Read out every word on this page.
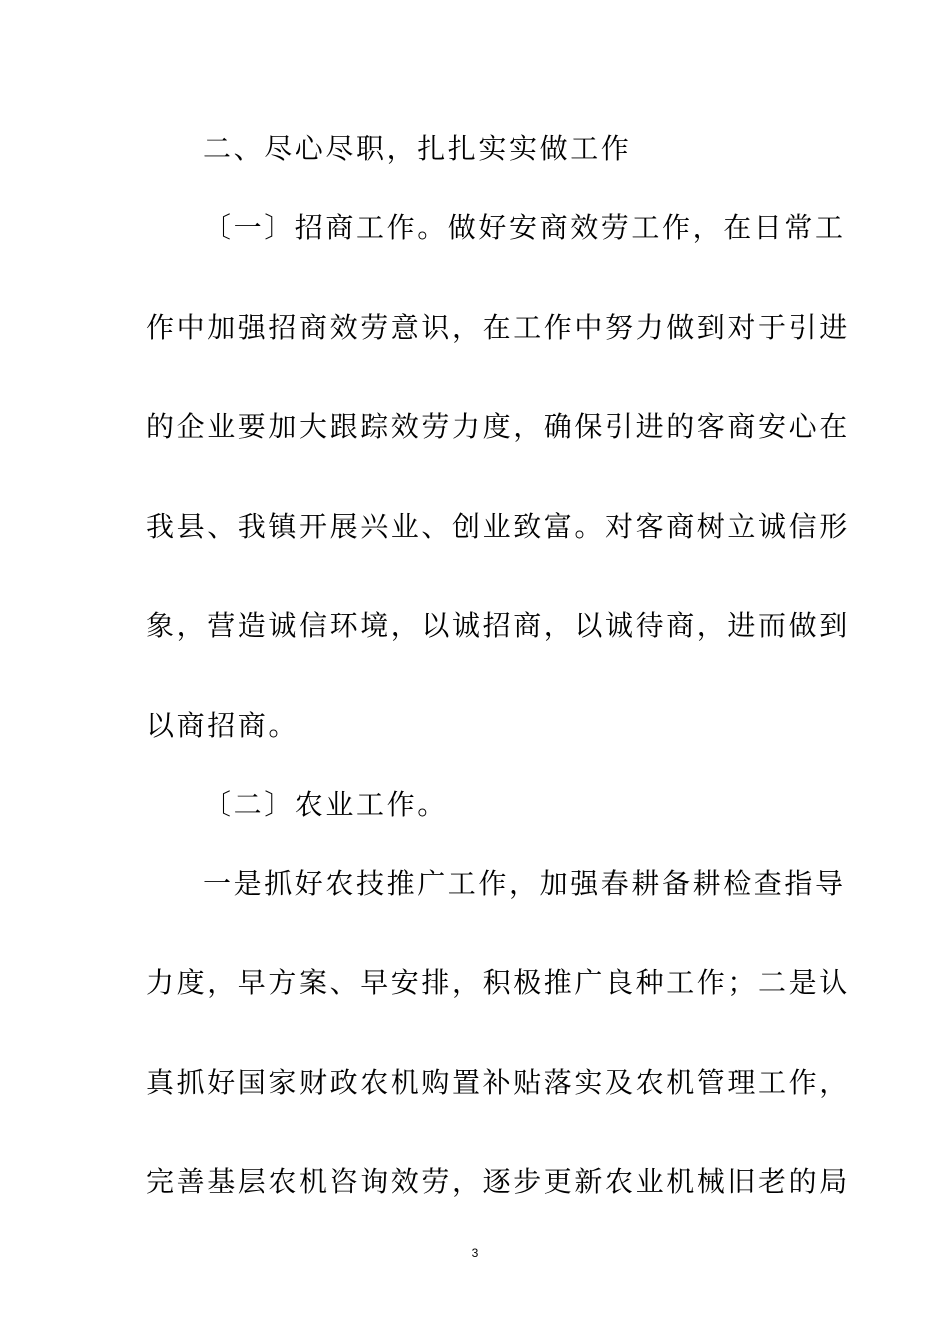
二、尽心尽职，扎扎实实做工作
〔一〕招商工作。做好安商效劳工作，在日常工
作中加强招商效劳意识，在工作中努力做到对于引进
的企业要加大跟踪效劳力度，确保引进的客商安心在
我县、我镇开展兴业、创业致富。对客商树立诚信形
象，营造诚信环境，以诚招商，以诚待商，进而做到
以商招商。
〔二〕农业工作。
一是抓好农技推广工作，加强春耕备耕检查指导
力度，早方案、早安排，积极推广良种工作；二是认
真抓好国家财政农机购置补贴落实及农机管理工作，
完善基层农机咨询效劳，逐步更新农业机械旧老的局
3
